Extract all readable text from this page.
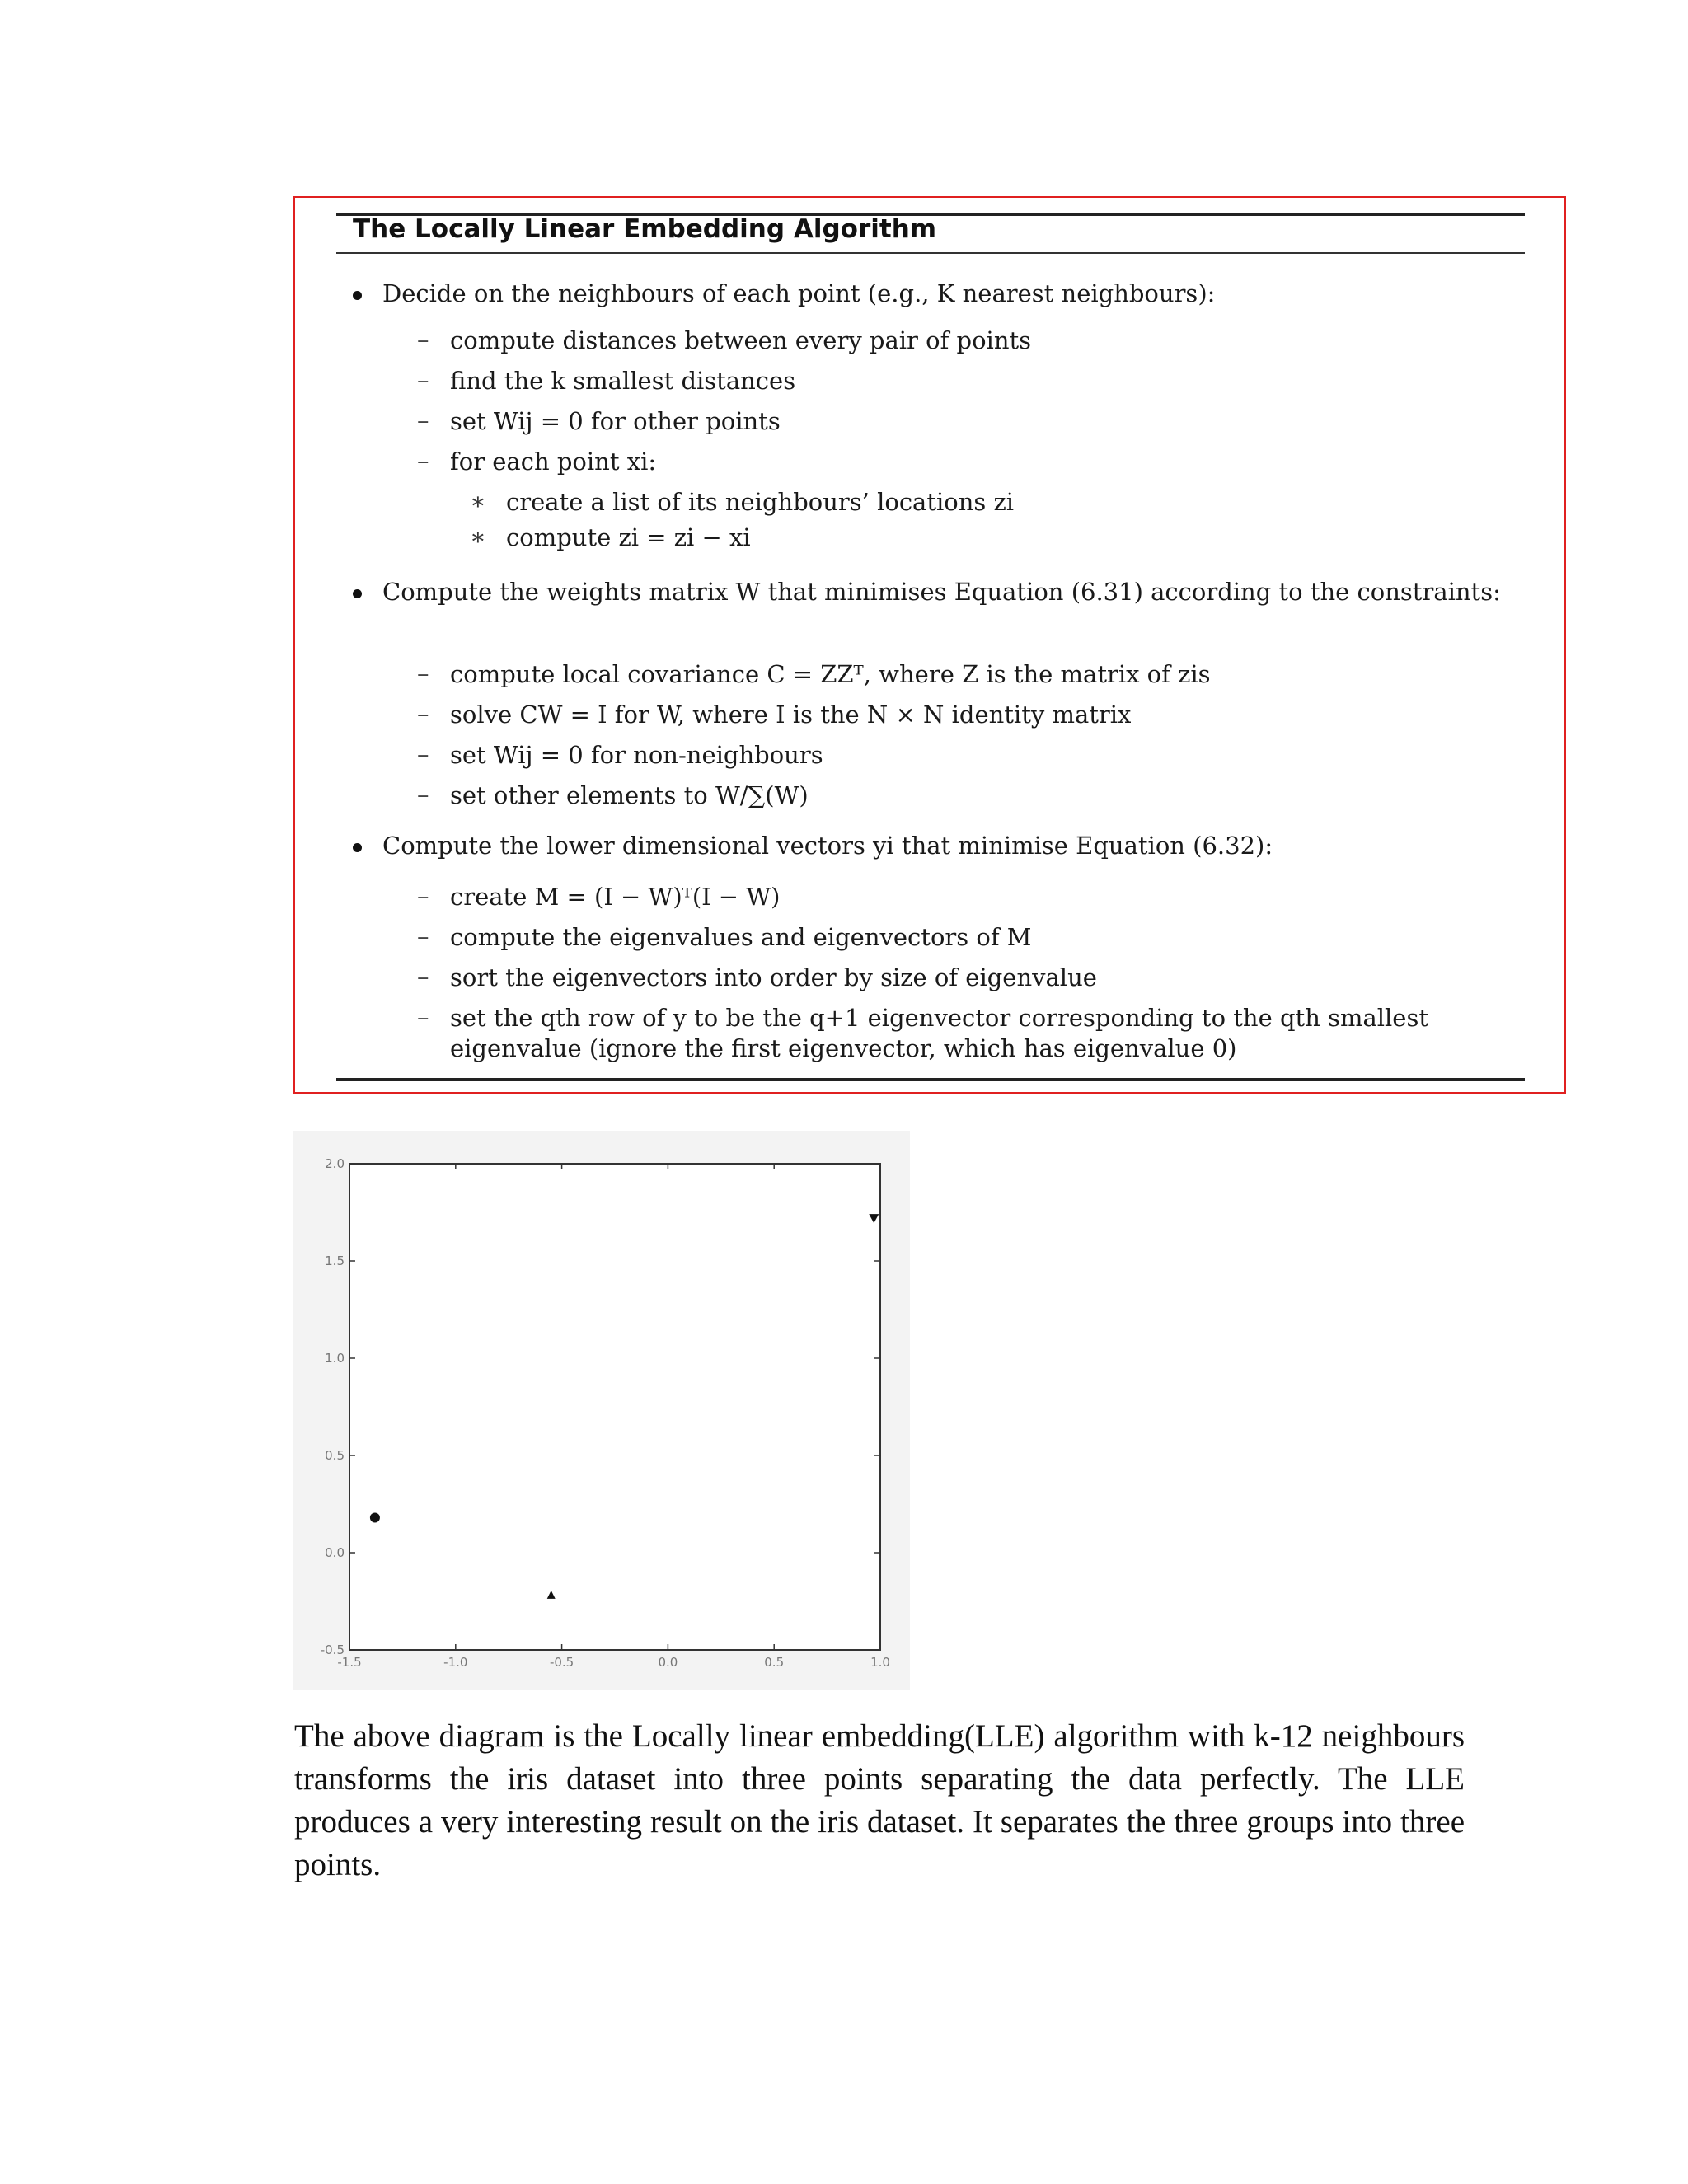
The Locally Linear Embedding Algorithm
Decide on the neighbours of each point (e.g., K nearest neighbours):
– compute distances between every pair of points
– find the k smallest distances
– set Wij = 0 for other points
– for each point xi:
∗ create a list of its neighbours’ locations zi
∗ compute zi = zi − xi
Compute the weights matrix W that minimises Equation (6.31) according to the constraints:
– compute local covariance C = ZZᵀ, where Z is the matrix of zis
– solve CW = I for W, where I is the N × N identity matrix
– set Wij = 0 for non-neighbours
– set other elements to W/∑(W)
Compute the lower dimensional vectors yi that minimise Equation (6.32):
– create M = (I − W)ᵀ(I − W)
– compute the eigenvalues and eigenvectors of M
– sort the eigenvectors into order by size of eigenvalue
– set the qth row of y to be the q+1 eigenvector corresponding to the qth smallest eigenvalue (ignore the first eigenvector, which has eigenvalue 0)
-1.5	-1.0	-0.5	0.0	0.5	1.0
-0.5
0.0
0.5
1.0
1.5
2.0
The above diagram is the Locally linear embedding(LLE) algorithm with k-12 neighbours transforms the iris dataset into three points separating the data perfectly. The LLE produces a very interesting result on the iris dataset. It separates the three groups into three points.
